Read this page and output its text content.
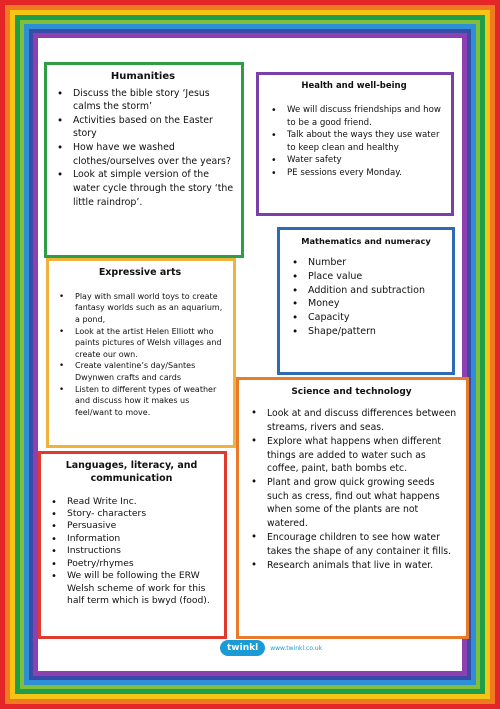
Humanities
• Discuss the bible story ‘Jesus calms the storm’
• Activities based on the Easter story
• How have we washed clothes/ourselves over the years?
• Look at simple version of the water cycle through the story ‘the little raindrop’.
Health and well-being
• We will discuss friendships and how to be a good friend.
• Talk about the ways they use water to keep clean and healthy
• Water safety
• PE sessions every Monday.
Mathematics and numeracy
• Number
• Place value
• Addition and subtraction
• Money
• Capacity
• Shape/pattern
Expressive arts
• Play with small world toys to create fantasy worlds such as an aquarium, a pond,
• Look at the artist Helen Elliott who paints pictures of Welsh villages and create our own.
• Create valentine’s day/Santes Dwynwen crafts and cards
• Listen to different types of weather and discuss how it makes us feel/want to move.
Science and technology
• Look at and discuss differences between streams, rivers and seas.
• Explore what happens when different things are added to water such as coffee, paint, bath bombs etc.
• Plant and grow quick growing seeds such as cress, find out what happens when some of the plants are not watered.
• Encourage children to see how water takes the shape of any container it fills.
• Research animals that live in water.
Languages, literacy, and communication
• Read Write Inc.
• Story- characters
• Persuasive
• Information
• Instructions
• Poetry/rhymes
• We will be following the ERW Welsh scheme of work for this half term which is bwyd (food).
twinkl	www.twinkl.co.uk
